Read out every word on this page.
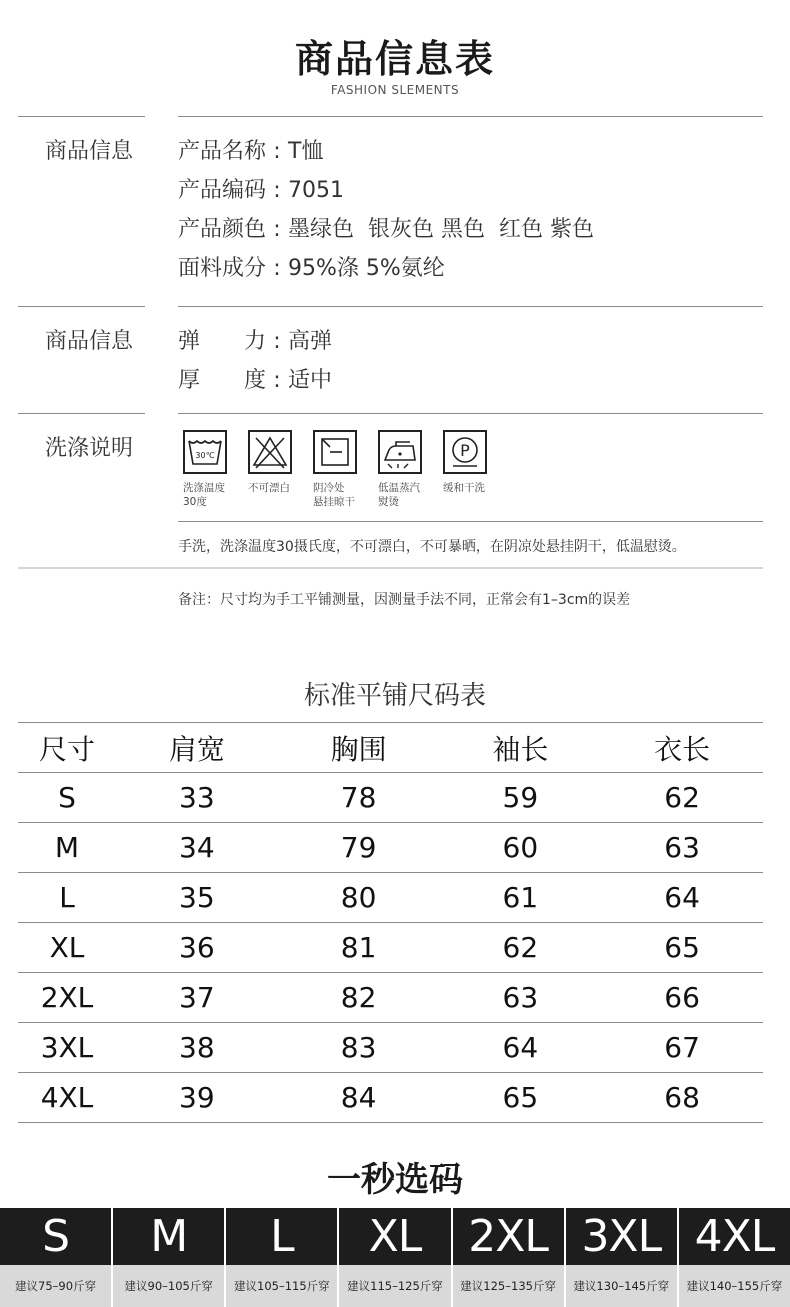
商品信息表
FASHION SLEMENTS
商品信息 产品名称 : T恤
产品编码 : 7051
产品颜色 : 墨绿色  银灰色 黑色  红色 紫色
面料成分 : 95%涤 5%氨纶
商品信息 弹 力 : 高弹
厚 度 : 适中
洗涤说明	30℃
洗涤温度
30度
不可漂白	阴冷处
悬挂晾干
低温蒸汽
熨烫
P
缓和干洗
手洗，洗涤温度30摄氏度，不可漂白，不可暴晒，在阴凉处悬挂阴干，低温慰烫。
备注：尺寸均为手工平铺测量，因测量手法不同，正常会有1–3cm的误差
标准平铺尺码表
尺寸	肩宽	胸围	袖长	衣长
S	33	78	59	62
M	34	79	60	63
L	35	80	61	64
XL	36	81	62	65
2XL	37	82	63	66
3XL	38	83	64	67
4XL	39	84	65	68
一秒选码
S
建议75–90斤穿
M
建议90–105斤穿
L
建议105–115斤穿
XL
建议115–125斤穿
2XL
建议125–135斤穿
3XL
建议130–145斤穿
4XL
建议140–155斤穿
